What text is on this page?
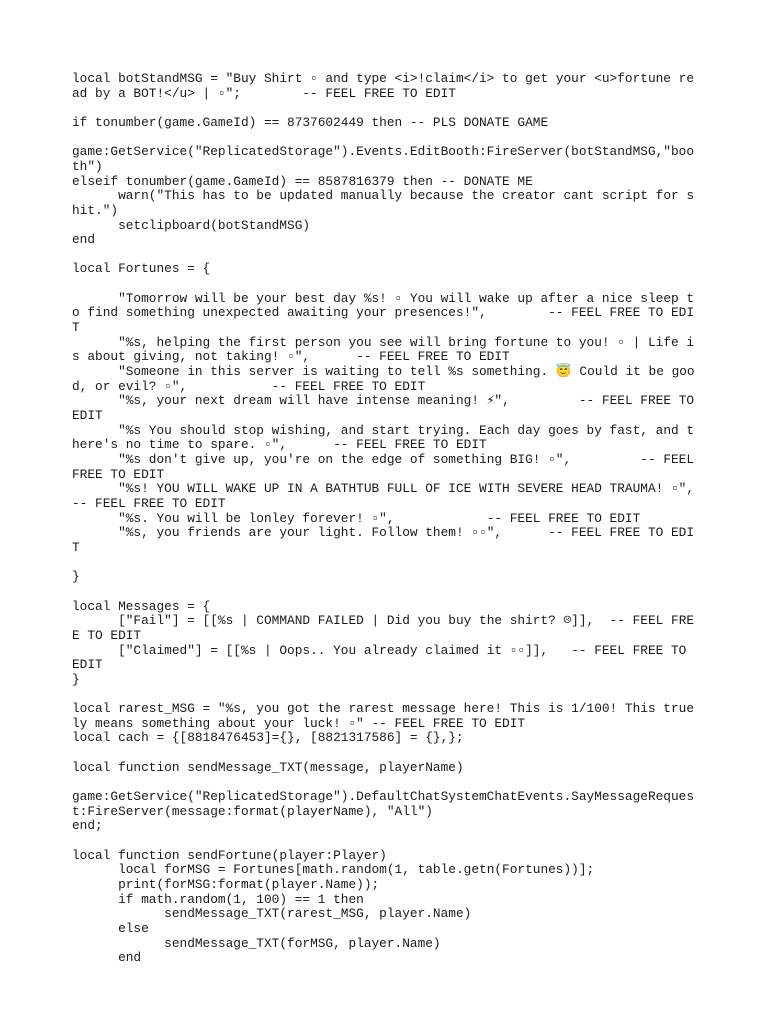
local botStandMSG = "Buy Shirt ▫ and type <i>!claim</i> to get your <u>fortune read by a BOT!</u> | ▫";        -- FEEL FREE TO EDIT
if tonumber(game.GameId) == 8737602449 then -- PLS DONATE GAME
game:GetService("ReplicatedStorage").Events.EditBooth:FireServer(botStandMSG,"booth")
elseif tonumber(game.GameId) == 8587816379 then -- DONATE ME
warn("This has to be updated manually because the creator cant script for shit.")
setclipboard(botStandMSG)
end
local Fortunes = {
"Tomorrow will be your best day %s! ▫ You will wake up after a nice sleep to find something unexpected awaiting your presences!",        -- FEEL FREE TO EDIT
"%s, helping the first person you see will bring fortune to you! ▫ | Life is about giving, not taking! ▫",      -- FEEL FREE TO EDIT
"Someone in this server is waiting to tell %s something. 😇 Could it be good, or evil? ▫",           -- FEEL FREE TO EDIT
"%s, your next dream will have intense meaning! ⚡",         -- FEEL FREE TO EDIT
"%s You should stop wishing, and start trying. Each day goes by fast, and there's no time to spare. ▫",      -- FEEL FREE TO EDIT
"%s don't give up, you're on the edge of something BIG! ▫",         -- FEEL FREE TO EDIT
"%s! YOU WILL WAKE UP IN A BATHTUB FULL OF ICE WITH SEVERE HEAD TRAUMA! ▫", -- FEEL FREE TO EDIT
"%s. You will be lonley forever! ▫",            -- FEEL FREE TO EDIT
"%s, you friends are your light. Follow them! ▫▫",      -- FEEL FREE TO EDIT
}
local Messages = {
["Fail"] = [[%s | COMMAND FAILED | Did you buy the shirt? ☹]],  -- FEEL FREE TO EDIT
["Claimed"] = [[%s | Oops.. You already claimed it ▫▫]],   -- FEEL FREE TO EDIT
}
local rarest_MSG = "%s, you got the rarest message here! This is 1/100! This truely means something about your luck! ▫" -- FEEL FREE TO EDIT
local cach = {[8818476453]={}, [8821317586] = {},};
local function sendMessage_TXT(message, playerName)
game:GetService("ReplicatedStorage").DefaultChatSystemChatEvents.SayMessageRequest:FireServer(message:format(playerName), "All")
end;
local function sendFortune(player:Player)
local forMSG = Fortunes[math.random(1, table.getn(Fortunes))];
print(forMSG:format(player.Name));
if math.random(1, 100) == 1 then
sendMessage_TXT(rarest_MSG, player.Name)
else
sendMessage_TXT(forMSG, player.Name)
end
